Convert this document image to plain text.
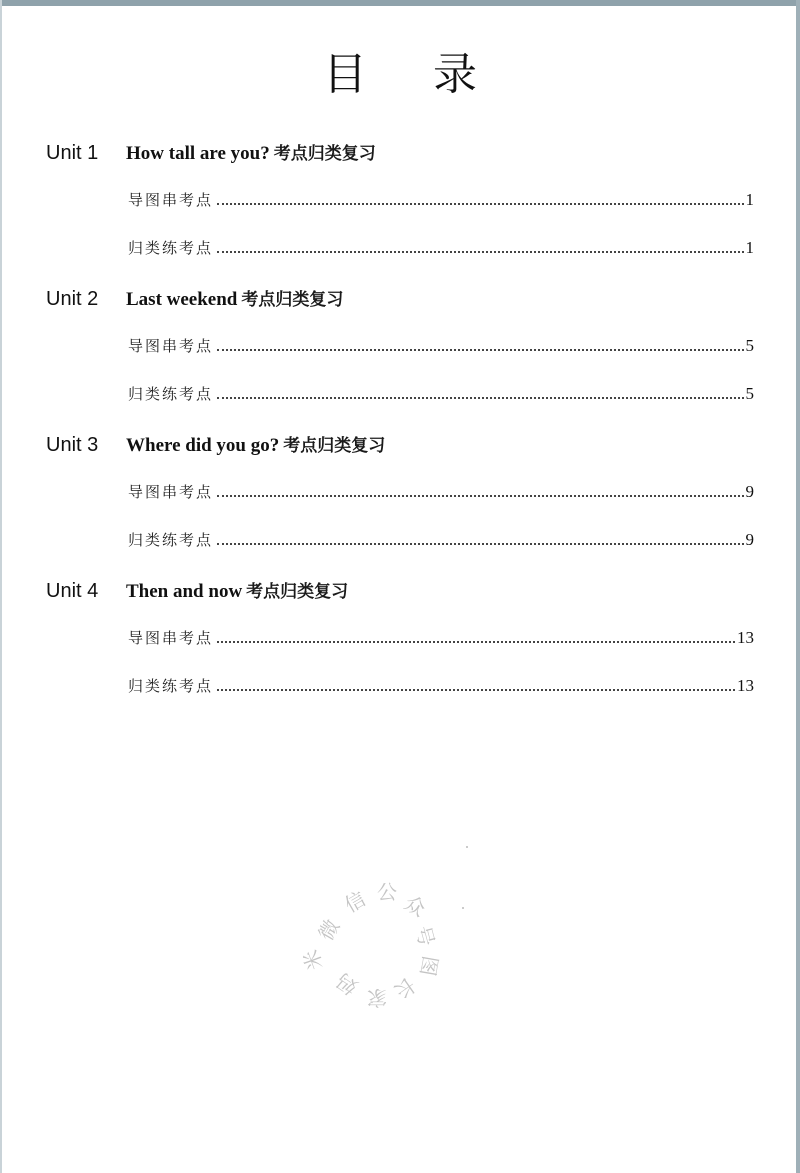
目 录
Unit 1 How tall are you? 考点归类复习
导图串考点	1
归类练考点	1
Unit 2 Last weekend 考点归类复习
导图串考点	5
归类练考点	5
Unit 3 Where did you go? 考点归类复习
导图串考点	9
归类练考点	9
Unit 4 Then and now 考点归类复习
导图串考点	13
归类练考点	13
微
信 公 众
号
图
长
家
妈
米
